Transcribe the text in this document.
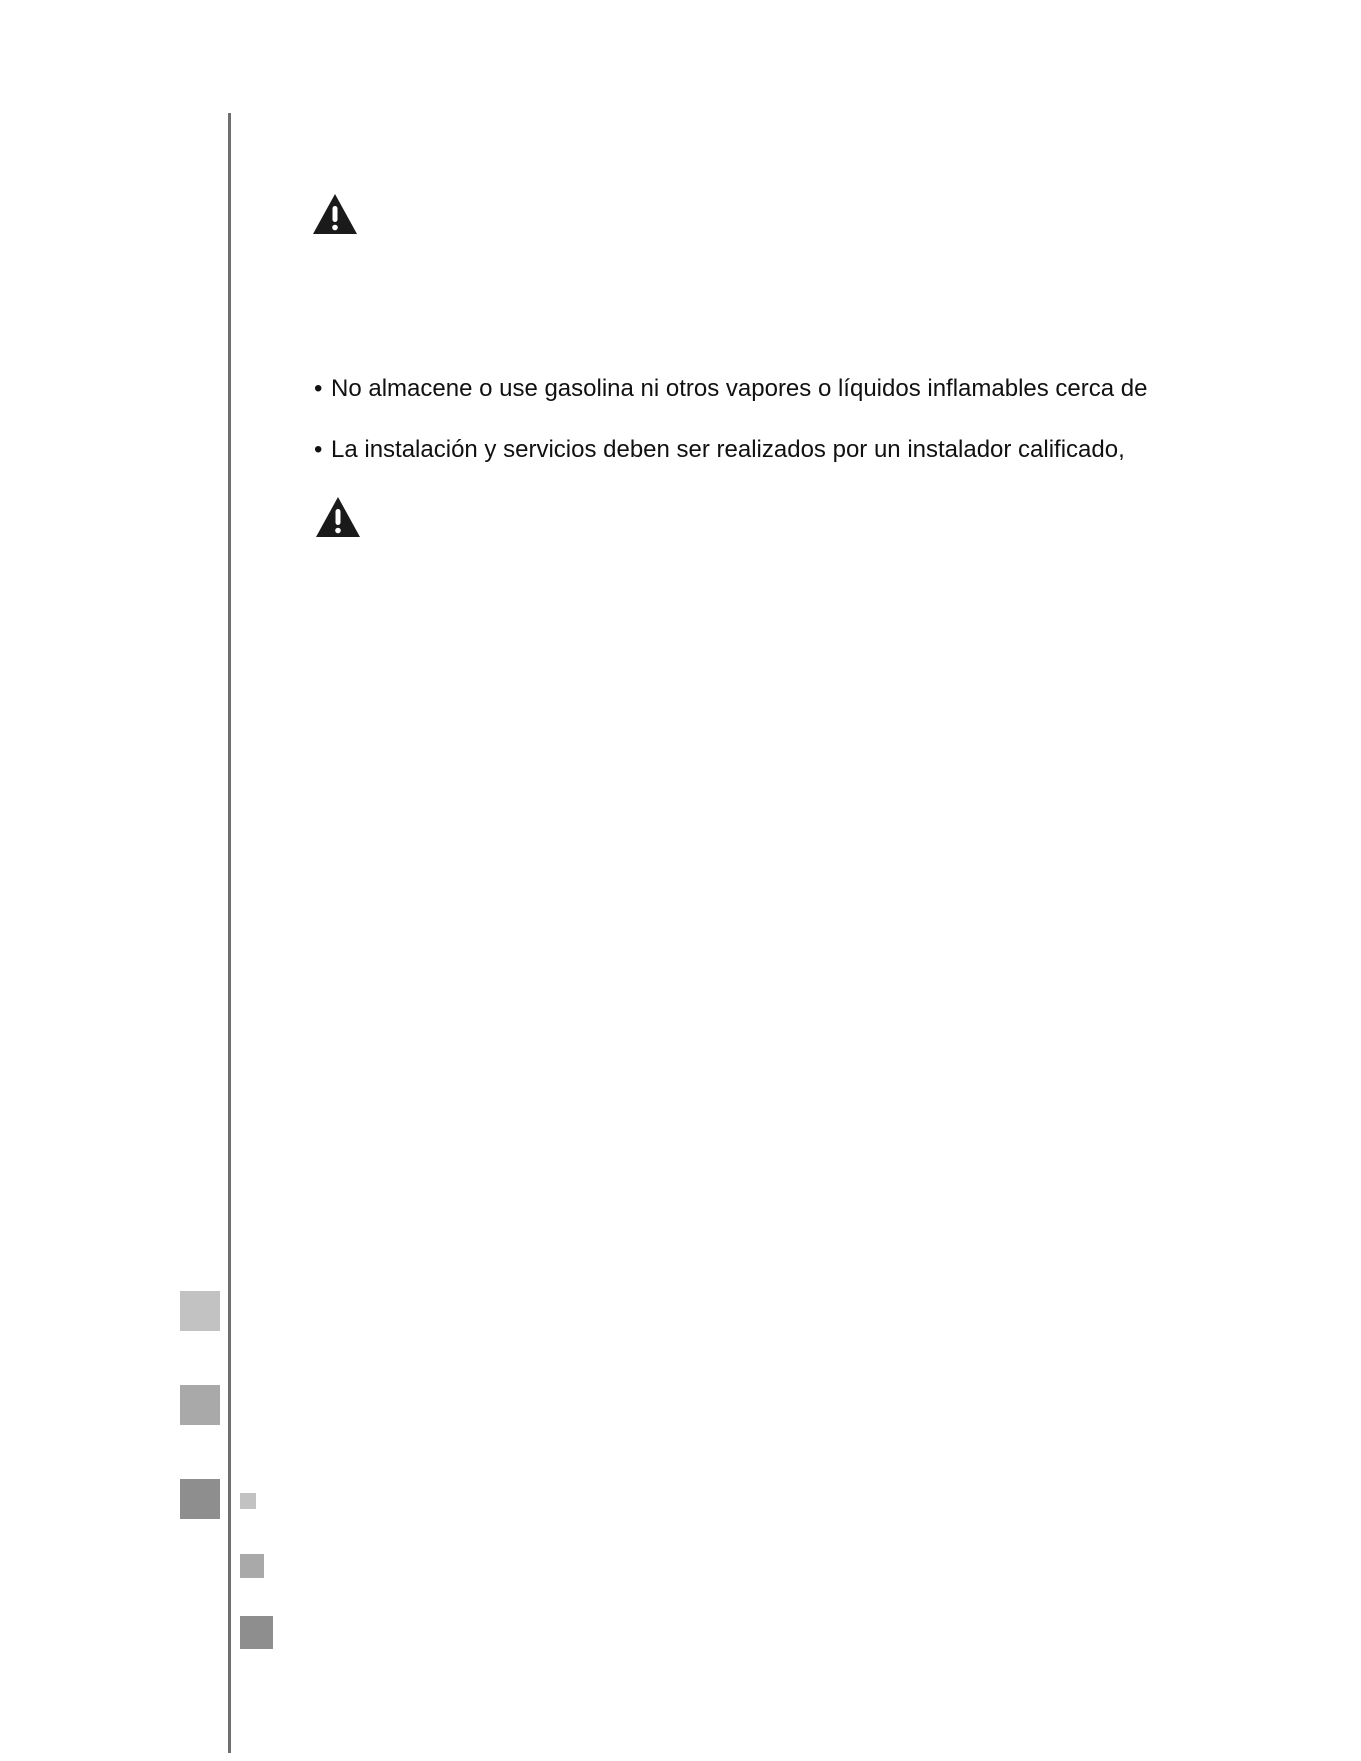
• No almacene o use gasolina ni otros vapores o líquidos inflamables cerca de
• La instalación y servicios deben ser realizados por un instalador calificado,
